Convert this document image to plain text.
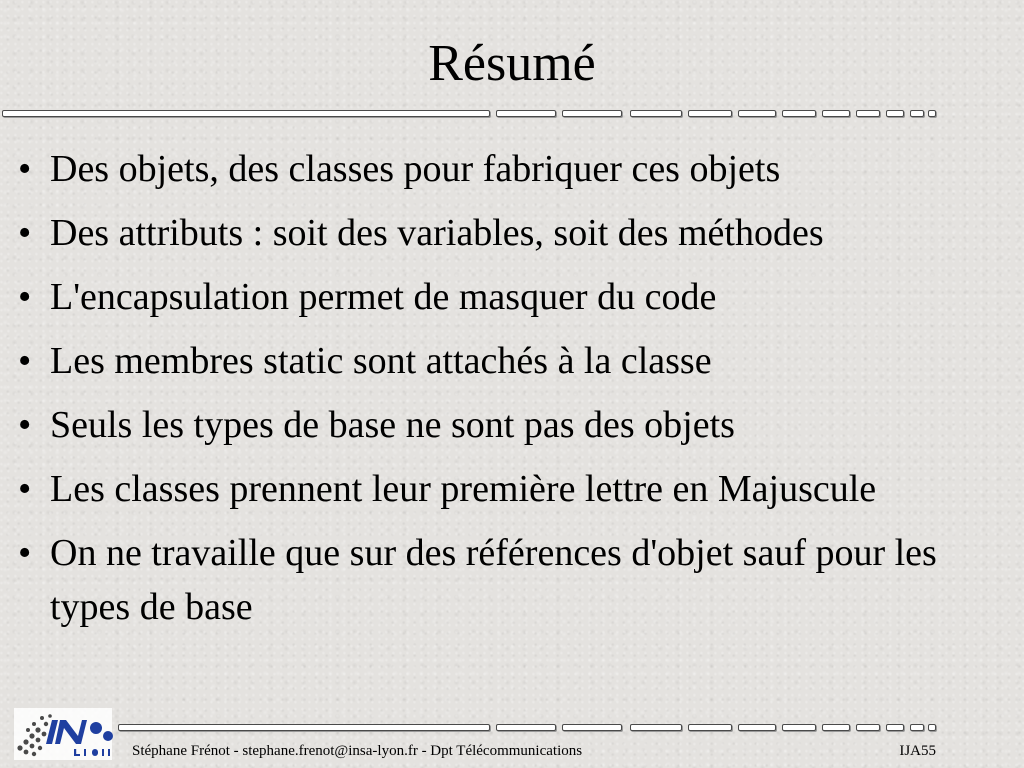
Résumé
• Des objets, des classes pour fabriquer ces objets
• Des attributs : soit des variables, soit des méthodes
• L'encapsulation permet de masquer du code
• Les membres static sont attachés à la classe
• Seuls les types de base ne sont pas des objets
• Les classes prennent leur première lettre en Majuscule
• On ne travaille que sur des références d'objet sauf pour les types de base
Stéphane Frénot - stephane.frenot@insa-lyon.fr - Dpt Télécommunications	IJA55
